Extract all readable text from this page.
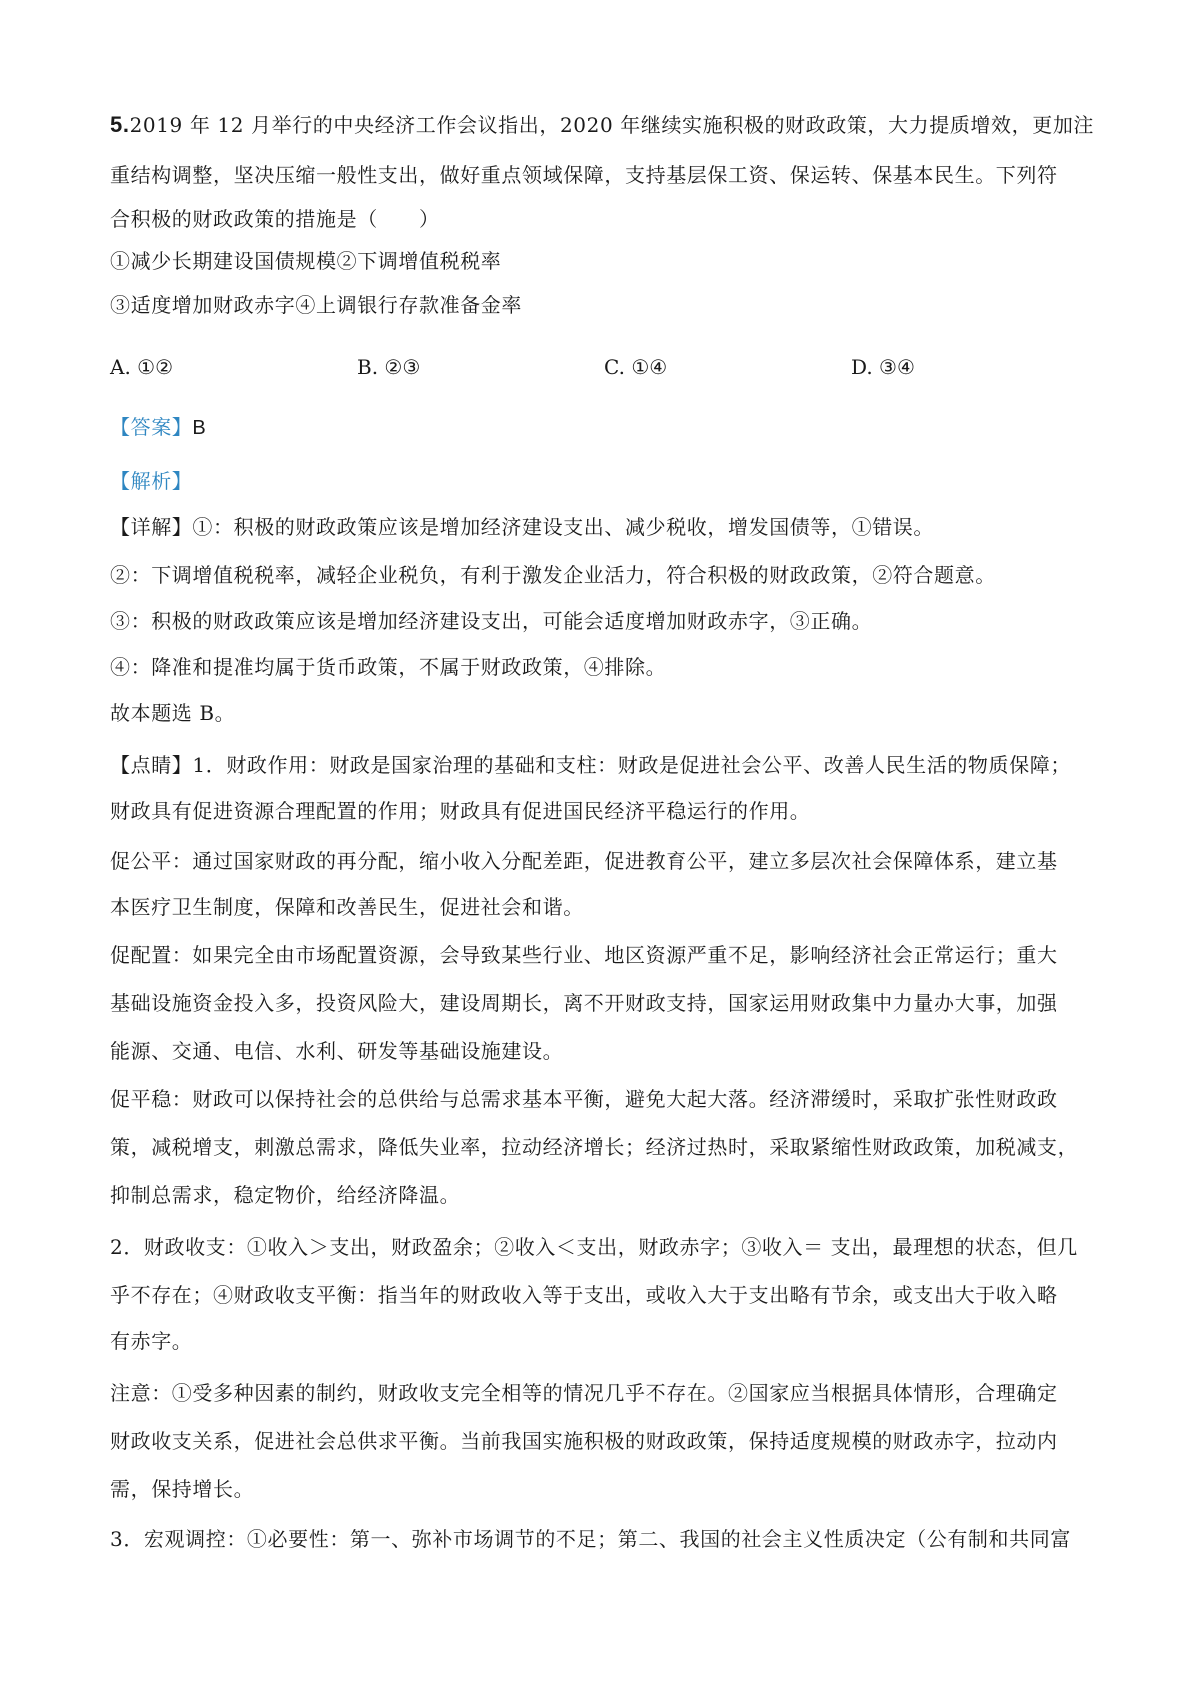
5.2019 年 12 月举行的中央经济工作会议指出，2020 年继续实施积极的财政政策，大力提质增效，更加注
重结构调整，坚决压缩一般性支出，做好重点领域保障，支持基层保工资、保运转、保基本民生。下列符
合积极的财政政策的措施是（　　）
①减少长期建设国债规模②下调增值税税率
③适度增加财政赤字④上调银行存款准备金率
A. ①②	B. ②③	C. ①④	D. ③④
【答案】B
【解析】
【详解】①：积极的财政政策应该是增加经济建设支出、减少税收，增发国债等，①错误。
②：下调增值税税率，减轻企业税负，有利于激发企业活力，符合积极的财政政策，②符合题意。
③：积极的财政政策应该是增加经济建设支出，可能会适度增加财政赤字，③正确。
④：降准和提准均属于货币政策，不属于财政政策，④排除。
故本题选 B。
【点睛】1．财政作用：财政是国家治理的基础和支柱：财政是促进社会公平、改善人民生活的物质保障；
财政具有促进资源合理配置的作用；财政具有促进国民经济平稳运行的作用。
促公平：通过国家财政的再分配，缩小收入分配差距，促进教育公平，建立多层次社会保障体系，建立基
本医疗卫生制度，保障和改善民生，促进社会和谐。
促配置：如果完全由市场配置资源，会导致某些行业、地区资源严重不足，影响经济社会正常运行；重大
基础设施资金投入多，投资风险大，建设周期长，离不开财政支持，国家运用财政集中力量办大事，加强
能源、交通、电信、水利、研发等基础设施建设。
促平稳：财政可以保持社会的总供给与总需求基本平衡，避免大起大落。经济滞缓时，采取扩张性财政政
策，减税增支，刺激总需求，降低失业率，拉动经济增长；经济过热时，采取紧缩性财政政策，加税减支，
抑制总需求，稳定物价，给经济降温。
2．财政收支：①收入＞支出，财政盈余；②收入＜支出，财政赤字；③收入＝ 支出，最理想的状态，但几
乎不存在；④财政收支平衡：指当年的财政收入等于支出，或收入大于支出略有节余，或支出大于收入略
有赤字。
注意：①受多种因素的制约，财政收支完全相等的情况几乎不存在。②国家应当根据具体情形，合理确定
财政收支关系，促进社会总供求平衡。当前我国实施积极的财政政策，保持适度规模的财政赤字，拉动内
需，保持增长。
3．宏观调控：①必要性：第一、弥补市场调节的不足；第二、我国的社会主义性质决定（公有制和共同富
